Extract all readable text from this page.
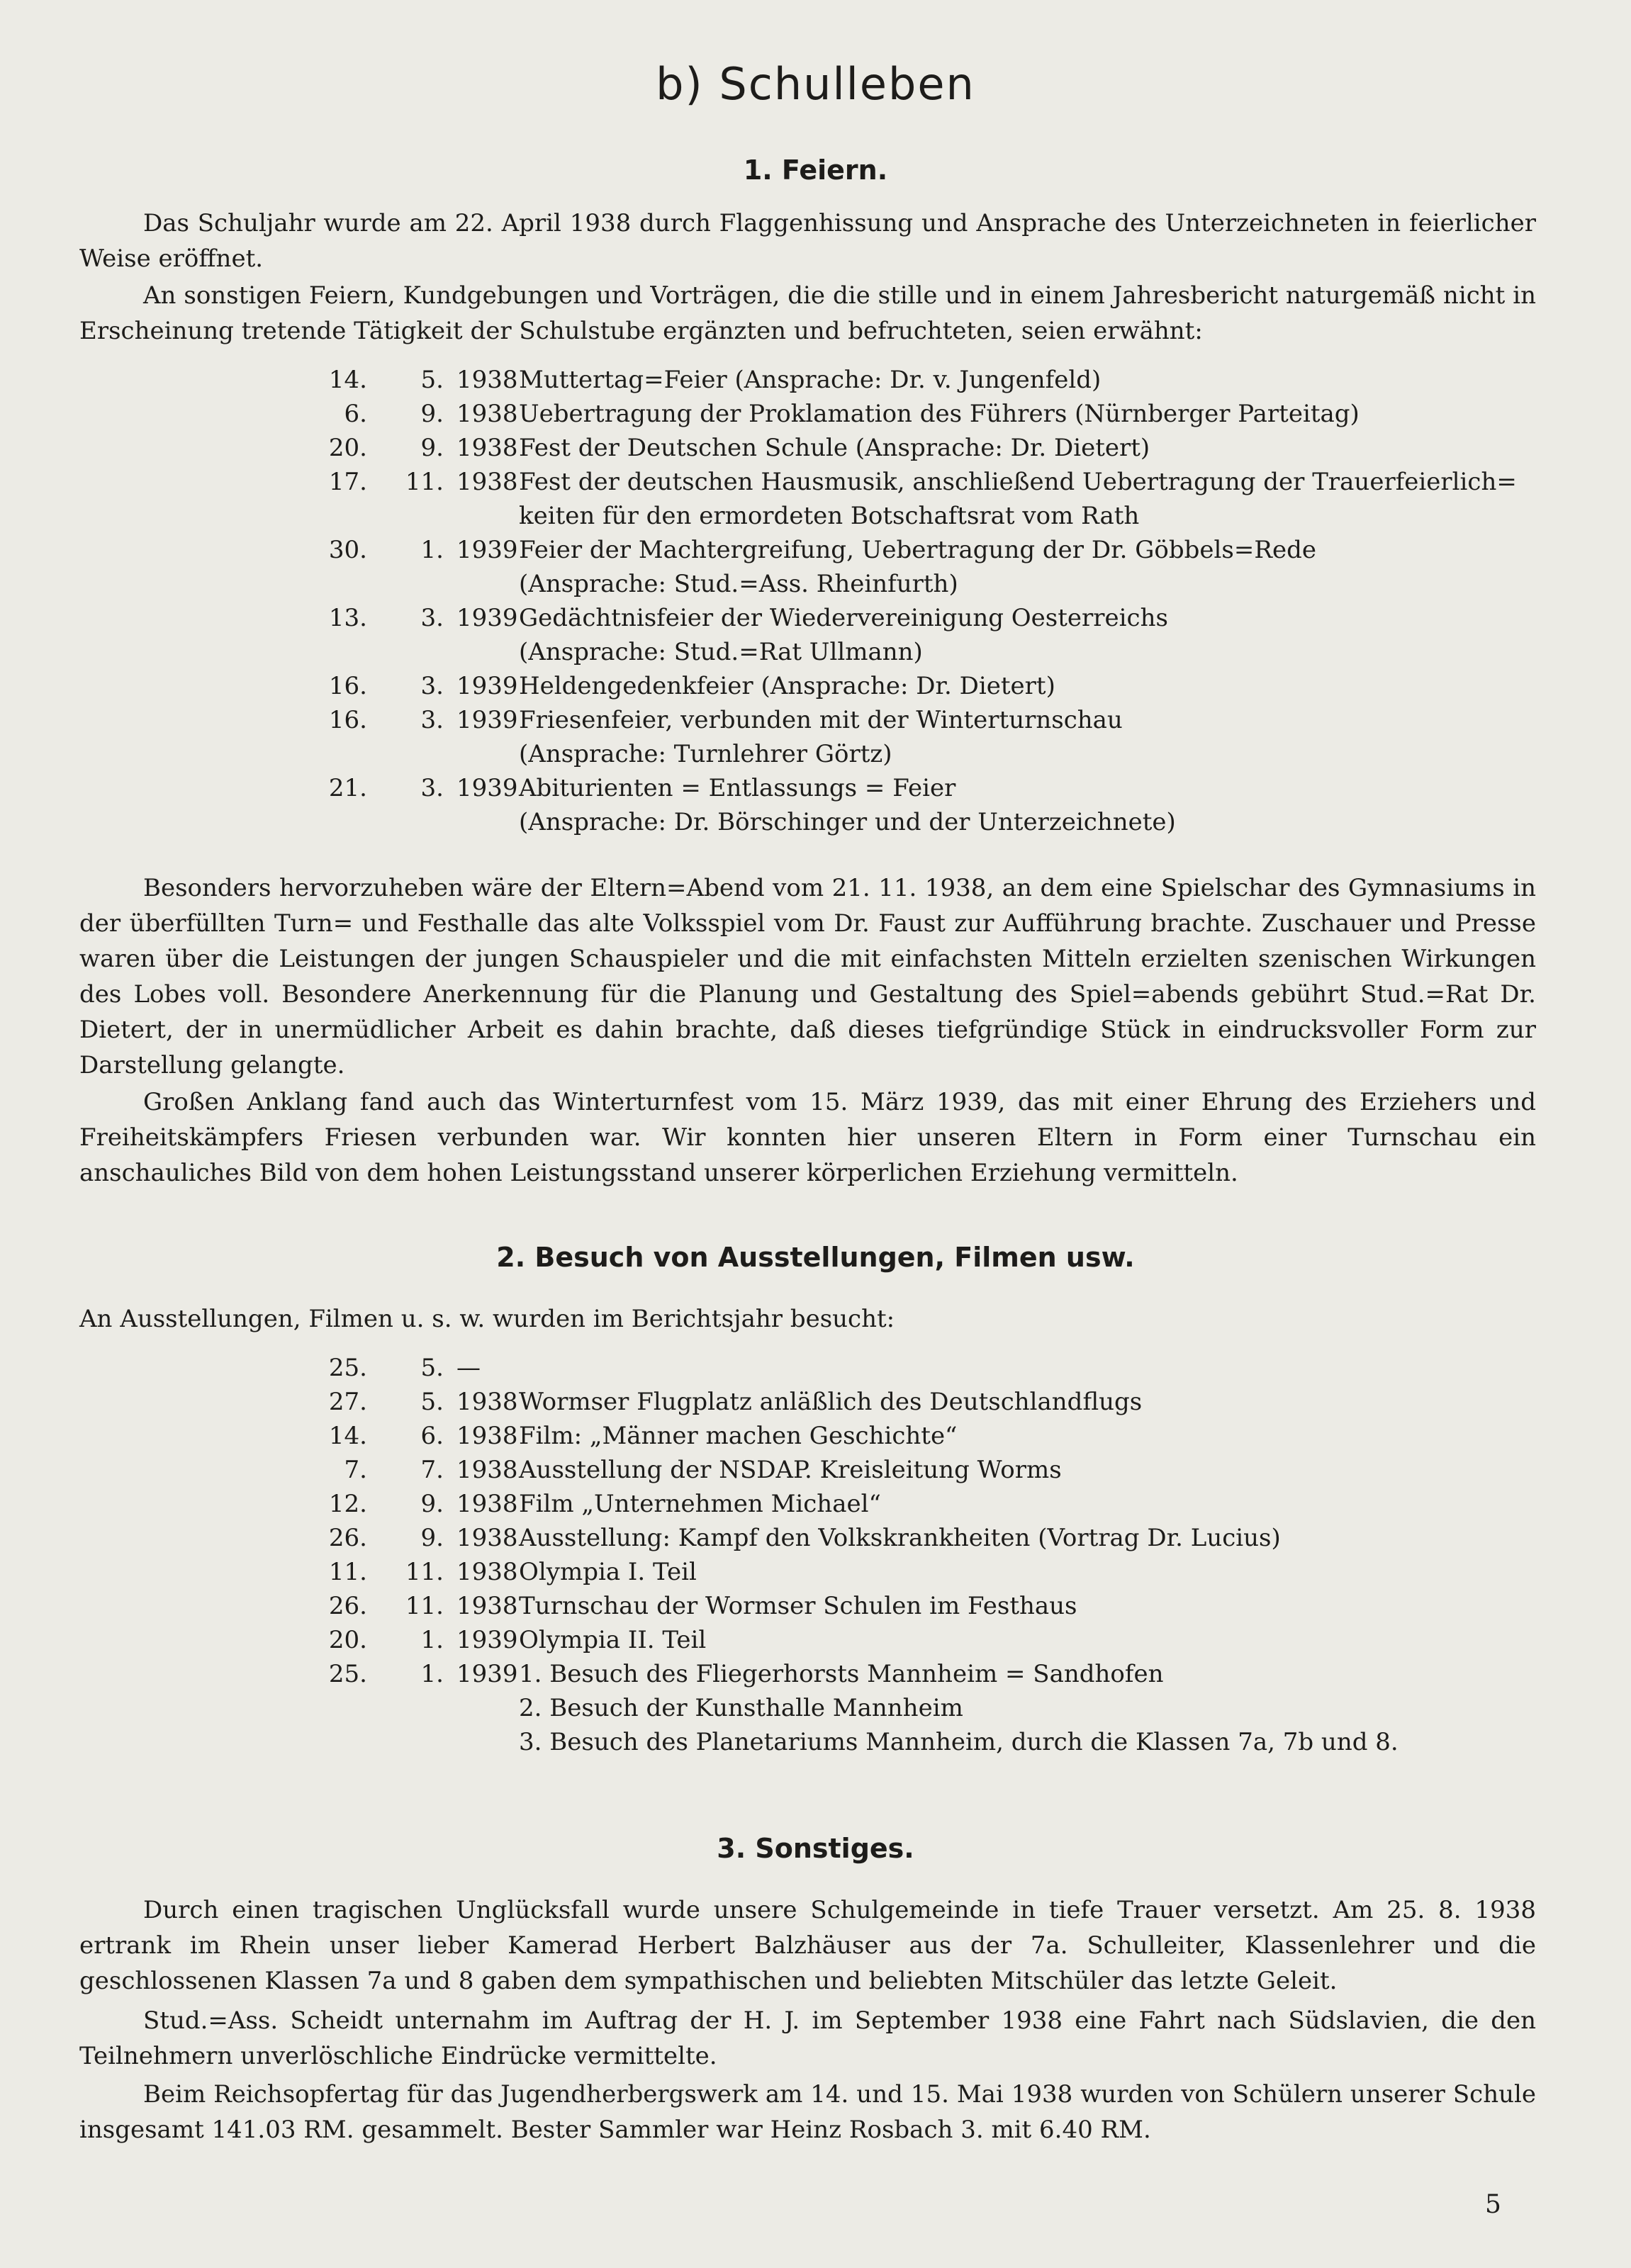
b) Schulleben
1. Feiern.

Das Schuljahr wurde am 22. April 1938 durch Flaggenhissung und Ansprache des Unterzeichneten in feierlicher Weise eröffnet.

An sonstigen Feiern, Kundgebungen und Vorträgen, die die stille und in einem Jahresbericht naturgemäß nicht in Erscheinung tretende Tätigkeit der Schulstube ergänzten und befruchteten, seien erwähnt:

14.	5. 1938 Muttertag=Feier (Ansprache: Dr. v. Jungenfeld)
6.	9. 1938 Uebertragung der Proklamation des Führers (Nürnberger Parteitag)
20.	9. 1938 Fest der Deutschen Schule (Ansprache: Dr. Dietert)
17.	11. 1938 Fest der deutschen Hausmusik, anschließend Uebertragung der Trauerfeierlich=
keiten für den ermordeten Botschaftsrat vom Rath
30.	1. 1939 Feier der Machtergreifung, Uebertragung der Dr. Göbbels=Rede
(Ansprache: Stud.=Ass. Rheinfurth)
13.	3. 1939 Gedächtnisfeier der Wiedervereinigung Oesterreichs
(Ansprache: Stud.=Rat Ullmann)
16.	3. 1939 Heldengedenkfeier (Ansprache: Dr. Dietert)
16.	3. 1939 Friesenfeier, verbunden mit der Winterturnschau
(Ansprache: Turnlehrer Görtz)
21.	3. 1939 Abiturienten = Entlassungs = Feier
(Ansprache: Dr. Börschinger und der Unterzeichnete)

Besonders hervorzuheben wäre der Eltern=Abend vom 21. 11. 1938, an dem eine Spielschar des Gymnasiums in der überfüllten Turn= und Festhalle das alte Volksspiel vom Dr. Faust zur Aufführung brachte. Zuschauer und Presse waren über die Leistungen der jungen Schauspieler und die mit einfachsten Mitteln erzielten szenischen Wirkungen des Lobes voll. Besondere Anerkennung für die Planung und Gestaltung des Spiel=abends gebührt Stud.=Rat Dr. Dietert, der in unermüdlicher Arbeit es dahin brachte, daß dieses tiefgründige Stück in eindrucksvoller Form zur Darstellung gelangte.

Großen Anklang fand auch das Winterturnfest vom 15. März 1939, das mit einer Ehrung des Erziehers und Freiheitskämpfers Friesen verbunden war. Wir konnten hier unseren Eltern in Form einer Turnschau ein anschauliches Bild von dem hohen Leistungsstand unserer körperlichen Erziehung vermitteln.

2. Besuch von Ausstellungen, Filmen usw.

An Ausstellungen, Filmen u. s. w. wurden im Berichtsjahr besucht:

25.	5. —
27.	5. 1938 Wormser Flugplatz anläßlich des Deutschlandflugs
14.	6. 1938 Film: „Männer machen Geschichte“
7.	7. 1938 Ausstellung der NSDAP. Kreisleitung Worms
12.	9. 1938 Film „Unternehmen Michael“
26.	9. 1938 Ausstellung: Kampf den Volkskrankheiten (Vortrag Dr. Lucius)
11.	11. 1938 Olympia I. Teil
26.	11. 1938 Turnschau der Wormser Schulen im Festhaus
20.	1. 1939 Olympia II. Teil
25.	1. 1939 1. Besuch des Fliegerhorsts Mannheim = Sandhofen
2. Besuch der Kunsthalle Mannheim
3. Besuch des Planetariums Mannheim, durch die Klassen 7a, 7b und 8.
3. Sonstiges.

Durch einen tragischen Unglücksfall wurde unsere Schulgemeinde in tiefe Trauer versetzt. Am 25. 8. 1938 ertrank im Rhein unser lieber Kamerad Herbert Balzhäuser aus der 7a. Schulleiter, Klassenlehrer und die geschlossenen Klassen 7a und 8 gaben dem sympathischen und beliebten Mitschüler das letzte Geleit.

Stud.=Ass. Scheidt unternahm im Auftrag der H. J. im September 1938 eine Fahrt nach Südslavien, die den Teilnehmern unverlöschliche Eindrücke vermittelte.

Beim Reichsopfertag für das Jugendherbergswerk am 14. und 15. Mai 1938 wurden von Schülern unserer Schule insgesamt 141.03 RM. gesammelt. Bester Sammler war Heinz Rosbach 3. mit 6.40 RM.

5
